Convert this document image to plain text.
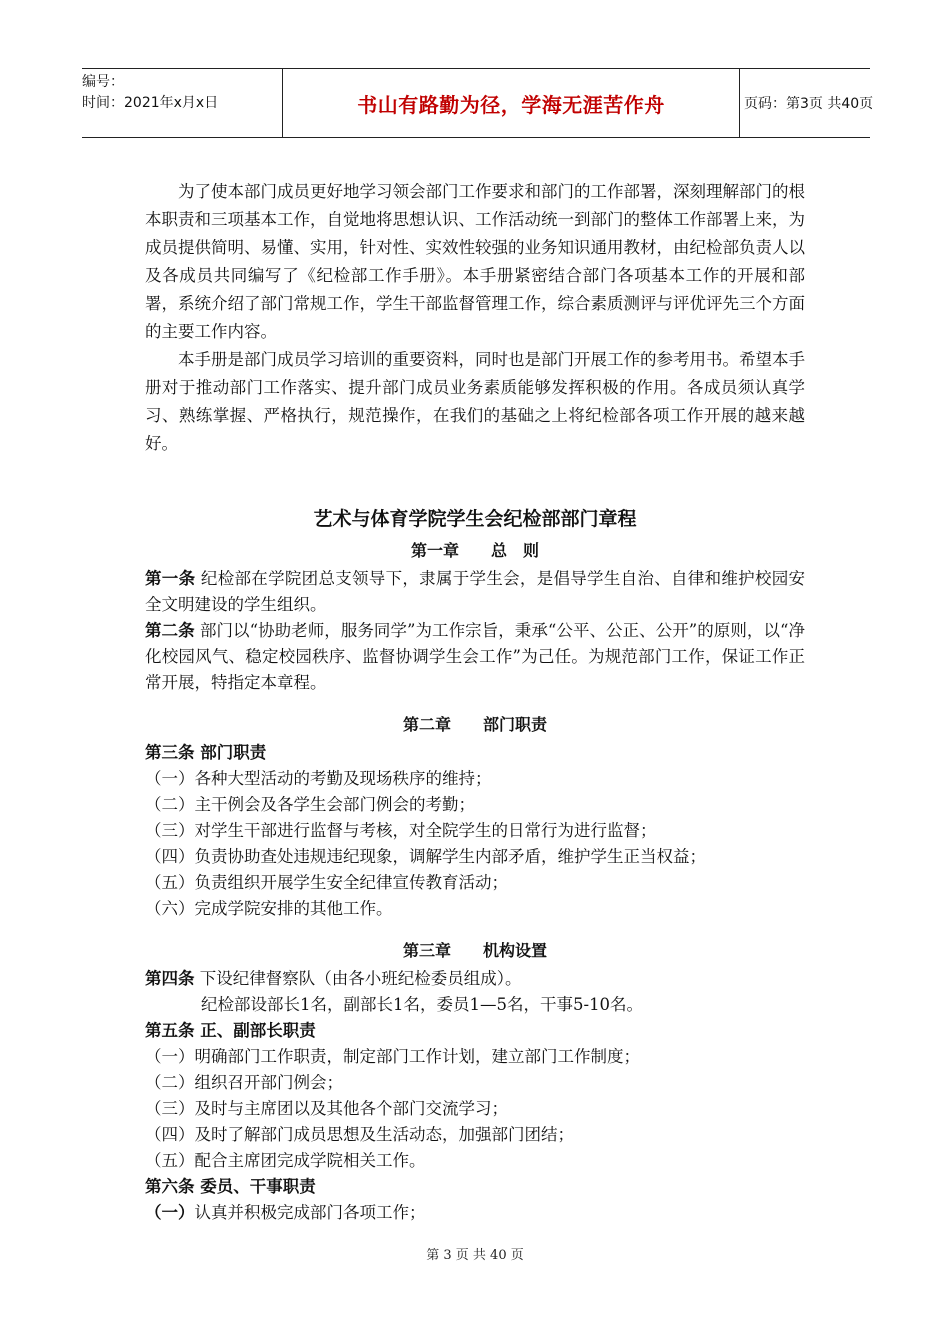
编号：
时间：2021年x月x日	书山有路勤为径，学海无涯苦作舟	页码：第3页 共40页

为了使本部门成员更好地学习领会部门工作要求和部门的工作部署，深刻理解部门的根本职责和三项基本工作，自觉地将思想认识、工作活动统一到部门的整体工作部署上来，为成员提供简明、易懂、实用，针对性、实效性较强的业务知识通用教材，由纪检部负责人以及各成员共同编写了《纪检部工作手册》。本手册紧密结合部门各项基本工作的开展和部署，系统介绍了部门常规工作，学生干部监督管理工作，综合素质测评与评优评先三个方面的主要工作内容。

本手册是部门成员学习培训的重要资料，同时也是部门开展工作的参考用书。希望本手册对于推动部门工作落实、提升部门成员业务素质能够发挥积极的作用。各成员须认真学习、熟练掌握、严格执行，规范操作，在我们的基础之上将纪检部各项工作开展的越来越好。

艺术与体育学院学生会纪检部部门章程
第一章 总　则

第一条 纪检部在学院团总支领导下，隶属于学生会，是倡导学生自治、自律和维护校园安全文明建设的学生组织。

第二条 部门以“协助老师，服务同学”为工作宗旨，秉承“公平、公正、公开”的原则，以“净化校园风气、稳定校园秩序、监督协调学生会工作”为己任。为规范部门工作，保证工作正常开展，特指定本章程。

第二章 部门职责

第三条 部门职责

（一）各种大型活动的考勤及现场秩序的维持；

（二）主干例会及各学生会部门例会的考勤；

（三）对学生干部进行监督与考核，对全院学生的日常行为进行监督；

（四）负责协助查处违规违纪现象，调解学生内部矛盾，维护学生正当权益；

（五）负责组织开展学生安全纪律宣传教育活动；

（六）完成学院安排的其他工作。

第三章 机构设置

第四条 下设纪律督察队（由各小班纪检委员组成）。

纪检部设部长1名，副部长1名，委员1—5名，干事5-10名。

第五条 正、副部长职责

（一）明确部门工作职责，制定部门工作计划，建立部门工作制度；

（二）组织召开部门例会；

（三）及时与主席团以及其他各个部门交流学习；

（四）及时了解部门成员思想及生活动态，加强部门团结；

（五）配合主席团完成学院相关工作。

第六条 委员、干事职责

（一）认真并积极完成部门各项工作；

第 3 页 共 40 页
